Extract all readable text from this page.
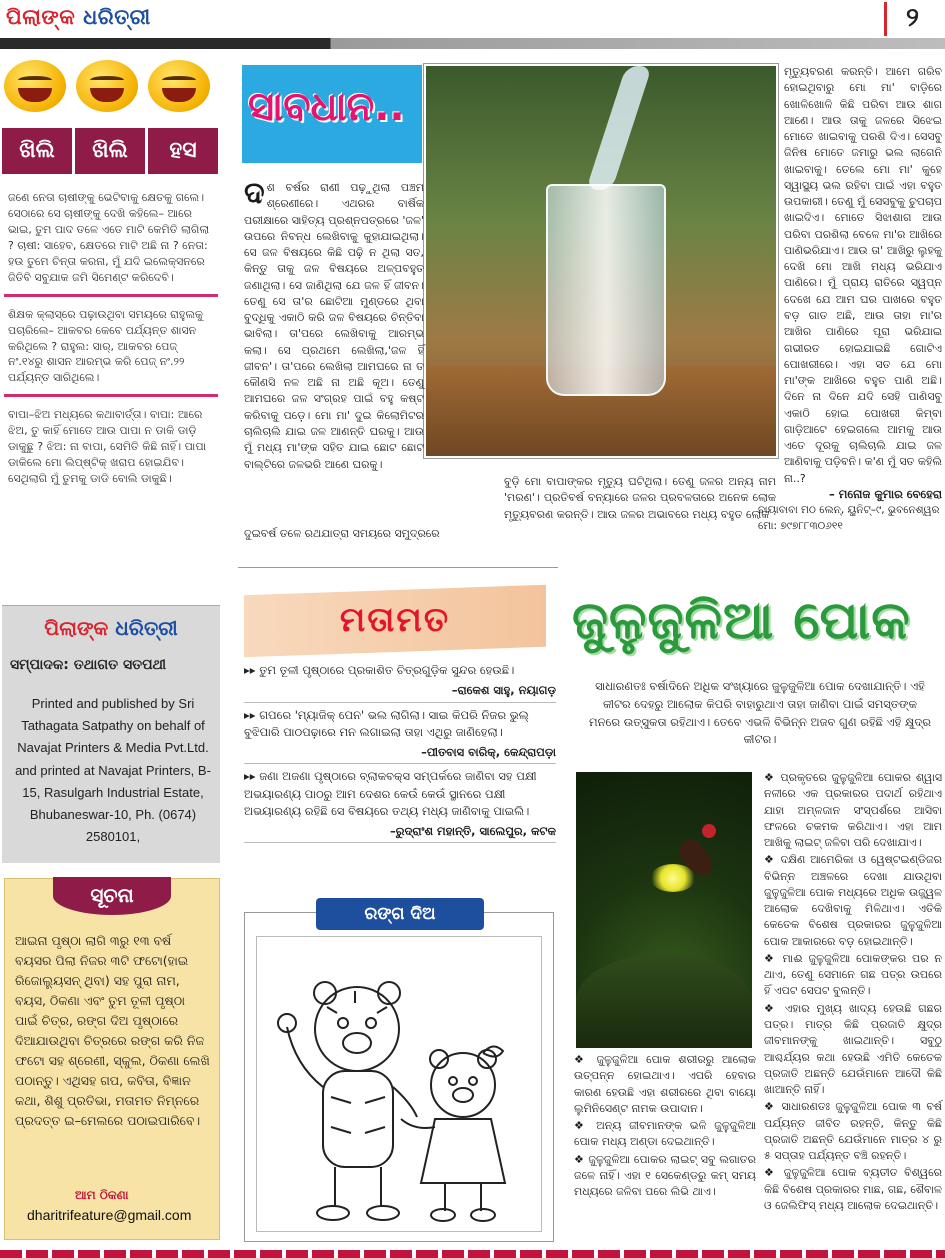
ପିଲାଙ୍କ ଧରିତ୍ରୀ	୨
ଖିଲି	ଖିଲି	ହସ
ଜଣେ ନେତା ଚାଷୀଙ୍କୁ ଭେଟିବାକୁ କ୍ଷେତକୁ ଗଲେ। ସେଠାରେ ସେ ଚାଷୀଙ୍କୁ ଦେଖି କହିଲେ– ଆରେ ଭାଇ, ତୁମ ପାଦ ତଳେ ଏତେ ମାଟି କେମିତି ଲାଗିଲା ? ଚାଷୀ: ସାହେବ, କ୍ଷେତରେ ମାଟି ଅଛି ନା ? ନେତା: ହଉ ତୁମେ ଚିନ୍ତା କରନା, ମୁଁ ଯଦି ଇଲେକ୍ସନରେ ଜିତିବି ସବୁଯାକ ଜମି ସିମେଣ୍ଟ କରିଦେବି।
ଶିକ୍ଷକ କ୍ଲାସ୍‌ରେ ପଢ଼ାଉଥିବା ସମୟରେ ରାହୁଲକୁ ପଚାରିଲେ– ଆକବର କେବେ ପର୍ଯ୍ୟନ୍ତ ଶାସନ କରିଥିଲେ ? ରାହୁଲ: ସାର୍, ଆକବର ପେଜ୍ ନଂ.୧୪ରୁ ଶାସନ ଆରମ୍ଭ କରି ପେଜ୍ ନଂ.୨୨ ପର୍ଯ୍ୟନ୍ତ ସାରିଥିଲେ।
ବାପା–ଝିଅ ମଧ୍ୟରେ କଥାବାର୍ତ୍ତା। ବାପା: ଆରେ ଝିଅ, ତୁ କାହିଁ ମୋତେ ଆଉ ପାପା ନ ଡାକି ଡାଡ଼ି ଡାକୁଛୁ ? ଝିଅ: ନା ବାପା, ସେମିତି କିଛି ନାହିଁ। ପାପା ଡାକିଲେ ମୋ ଲିପ୍‌ଷ୍ଟିକ୍ ଖରାପ ହୋଇଯିବ। ସେଥିଲାଗି ମୁଁ ତୁମକୁ ଡାଡି ବୋଲି ଡାକୁଛି।
ପିଲାଙ୍କ ଧରିତ୍ରୀ
ସମ୍ପାଦକ: ତଥାଗତ ସତପଥୀ
Printed and published by Sri Tathagata Satpathy on behalf of Navajat Printers & Media Pvt.Ltd. and printed at Navajat Printers, B-15, Rasulgarh Industrial Estate, Bhubaneswar-10, Ph. (0674) 2580101,
ସୂଚନା
ଆଇନା ପୃଷ୍ଠା ଲାଗି ୩ରୁ ୧୩ ବର୍ଷ ବୟସର ପିଲା ନିଜର ୩ଟି ଫଟୋ(ହାଇ ରିଜୋଲ୍ୟୁସନ୍ ଥିବା) ସହ ପୁରା ନାମ, ବୟସ, ଠିକଣା ଏବଂ ତୁମ ତୂଳୀ ପୃଷ୍ଠା ପାଇଁ ଚିତ୍ର, ରଙ୍ଗ ଦିଅ ପୃଷ୍ଠାରେ ଦିଆଯାଉଥିବା ଚିତ୍ରରେ ରଙ୍ଗ କରି ନିଜ ଫଟୋ ସହ ଶ୍ରେଣୀ, ସ୍କୁଲ, ଠିକଣା ଲେଖି ପଠାନ୍ତୁ। ଏଥିସହ ଗପ, କବିତା, ବିଜ୍ଞାନ କଥା, ଶିଶୁ ପ୍ରତିଭା, ମତାମତ ନିମ୍ନରେ ପ୍ରଦତ୍ତ ଇ–ମେଲରେ ପଠାଇପାରିବେ।
ଆମ ଠିକଣା
dharitrifeature@gmail.com
ସାବଧାନ..
ଦ ଶ ବର୍ଷର ରାଣୀ ପଢ଼ୁଥିଲା ପଞ୍ଚମ ଶ୍ରେଣୀରେ। ଏଥରର ବାର୍ଷିକ ପରୀକ୍ଷାରେ ସାହିତ୍ୟ ପ୍ରଶ୍ନପତ୍ରରେ 'ଜଳ' ଉପରେ ନିବନ୍ଧ ଲେଖିବାକୁ କୁହାଯାଇଥିଲା। ସେ ଜଳ ବିଷୟରେ କିଛି ପଢ଼ି ନ ଥିଲା ସତ, କିନ୍ତୁ ତାକୁ ଜଳ ବିଷୟରେ ଅଳ୍ପବହୁତ ଜଣାଥିଲା। ସେ ଜାଣିଥିଲା ଯେ ଜଳ ହିଁ ଜୀବନ। ତେଣୁ ସେ ତା'ର ଛୋଟିଆ ମୁଣ୍ଡରେ ଥିବା ବୁଦ୍ଧିକୁ ଏକାଠି କରି ଜଳ ବିଷୟରେ ଚିନ୍ତିବା ଭାବିଲା। ତା'ପରେ ଲେଖିବାକୁ ଆରମ୍ଭ କଲା। ସେ ପ୍ରଥମେ ଲେଖିଲା,'ଜଳ ହିଁ ଜୀବନ'। ତା'ପରେ ଲେଖିଲା ଆମଘରେ ନା ତ କୌଣସି ନଳ ଅଛି ନା ଅଛି କୂଅ। ତେଣୁ ଆମଘରେ ଜଳ ସଂଗ୍ରହ ପାଇଁ ବହୁ କଷ୍ଟ କରିବାକୁ ପଡ଼େ। ମୋ ମା' ଦୁଇ କିଲୋମିଟର ଚାଲିଚାଲି ଯାଇ ଜଳ ଆଣନ୍ତି ଘରକୁ। ଆଉ ମୁଁ ମଧ୍ୟ ମା'ଙ୍କ ସହିତ ଯାଇ ଛୋଟ ଛୋଟ ବାଲ୍‌ଟିରେ ଜଳଭରି ଆଣେ ଘରକୁ।
ଦୁଇବର୍ଷ ତଳେ ରଥଯାତ୍ରା ସମୟରେ ସମୁଦ୍ରରେ
ବୁଡ଼ି ମୋ ବାପାଙ୍କର ମୃତ୍ୟୁ ଘଟିଥିଲା। ତେଣୁ ଜଳର ଅନ୍ୟ ନାମ 'ମରଣ'। ପ୍ରତିବର୍ଷ ବନ୍ୟାରେ ଜଳର ପ୍ରବଳତାରେ ଅନେକ ଲୋକ ମୃତ୍ୟୁବରଣ କରନ୍ତି। ଆଉ ଜଳର ଅଭାବରେ ମଧ୍ୟ ବହୁତ ଲୋକ
ମୃତ୍ୟୁବରଣ କରନ୍ତି। ଆମେ ଗରିବ ହୋଇଥିବାରୁ ମୋ ମା' ବାଡ଼ିରେ ଖୋଳିଖୋଳି କିଛି ପରିବା ଆଉ ଶାଗ ଆଣେ। ଆଉ ତାକୁ ଜଳରେ ସିଝେଇ ମୋତେ ଖାଇବାକୁ ପରଶି ଦିଏ। ସେସବୁ ଜିନିଷ ମୋତେ ଜମାରୁ ଭଲ ଲାଗେନି ଖାଇବାକୁ। ତେଲେ ମୋ ମା' କୁହେ ସ୍ୱାସ୍ଥ୍ୟ ଭଲ ରହିବା ପାଇଁ ଏହା ବହୁତ ଉପକାରୀ। ତେଣୁ ମୁଁ ସେସବୁକୁ ଚୁପଚାପ ଖାଇଦିଏ। ମୋତେ ସିଝାଶାଗ ଆଉ ପରିବା ପରଶିଲା ବେଳେ ମା'ର ଆଖିରେ ପାଣିଭରିଯାଏ। ଆଉ ତା' ଆଖିରୁ ଲୁହକୁ ଦେଖି ମୋ ଆଖି ମଧ୍ୟ ଭରିଯାଏ ପାଣିରେ। ମୁଁ ପ୍ରାୟ ରାତିରେ ସ୍ୱପ୍ନ ଦେଖେ ଯେ ଆମ ଘର ପାଖରେ ବହୁତ ବଡ଼ ଗାତ ଅଛି, ଆଉ ତାହା ମା'ର ଆଖିର ପାଣିରେ ପୂରା ଭରିଯାଇ ଗଭୀରତ ହୋଇଯାଇଛି ଗୋଟିଏ ପୋଖରୀରେ। ଏହା ସତ ଯେ ମୋ ମା'ଙ୍କ ଆଖିରେ ବହୁତ ପାଣି ଅଛି। ଦିନେ ନା ଦିନେ ଯଦି ସେହି ପାଣିସବୁ ଏକାଠି ହୋଇ ପୋଖରୀ କିମ୍ବା ଗାଡ଼ିଆଟେ ହେଇଗଲେ ଆମକୁ ଆଉ ଏତେ ଦୂରକୁ ଚାଲିଚାଲି ଯାଇ ଜଳ ଆଣିବାକୁ ପଡ଼ିବନି। କ'ଣ ମୁଁ ସତ କହିଲି ନା..?
– ମନୋଜ କୁମାର ବେହେରା
ବାୟାବାବା ମଠ ଲେନ୍, ୟୁନିଟ୍–୯, ଭୁବନେଶ୍ୱର ମୋ: ୭୯୭୮୮୩୦୬୧୧
ମତାମତ
▸▸ ତୁମ ତୂଳୀ ପୃଷ୍ଠାରେ ପ୍ରକାଶିତ ଚିତ୍ରଗୁଡ଼ିକ ସୁନ୍ଦର ହେଉଛି।
–ରାକେଶ ସାହୁ, ନୟାଗଡ଼
▸▸ ଗପରେ 'ମ୍ୟାଜିକ୍ ପେନ' ଭଲ ଲାଗିଲା। ସାଇ କିପରି ନିଜର ଭୁଲ୍ ବୁଝିପାରି ପାଠପଢ଼ାରେ ମନ ଲଗାଇଲା ତାହା ଏଥିରୁ ଜାଣିହେଲା।
–ପୀତବାସ ବାରିକ୍, କେନ୍ଦ୍ରାପଡ଼ା
▸▸ ଜଣା ଅଜଣା ପୃଷ୍ଠାରେ ବ୍ଲାକବକ୍ସ ସମ୍ପର୍କରେ ଜାଣିବା ସହ ପକ୍ଷୀ ଅଭୟାରଣ୍ୟ ପାଠରୁ ଆମ ଦେଶର କେଉଁ କେଉଁ ସ୍ଥାନରେ ପକ୍ଷୀ ଅଭୟାରଣ୍ୟ ରହିଛି ସେ ବିଷୟରେ ତଥ୍ୟ ମଧ୍ୟ ଜାଣିବାକୁ ପାଇଲି।
–ରୁଦ୍ରାଂଶ ମହାନ୍ତି, ସାଲେପୁର, କଟକ
ରଙ୍ଗ ଦିଅ
ଜୁଳୁଜୁଳିଆ ପୋକ
ସାଧାରଣତଃ ବର୍ଷାଦିନେ ଅଧିକ ସଂଖ୍ୟାରେ ଜୁଳୁଜୁଳିଆ ପୋକ ଦେଖାଯାନ୍ତି। ଏହି କୀଟର ଦେହରୁ ଆଲୋକ କିପରି ବାହାରୁଥାଏ ତାହା ଜାଣିବା ପାଇଁ ସମସ୍ତଙ୍କ ମନରେ ଉତ୍ସୁକତା ରହିଥାଏ। ତେବେ ଏଭଳି ବିଭିନ୍ନ ଅଜବ ଗୁଣ ରହିଛି ଏହି କ୍ଷୁଦ୍ର କୀଟର।
❖ ଜୁଳୁଜୁଳିଆ ପୋକ ଶରୀରରୁ ଆଲୋକ ଉତ୍ପନ୍ନ ହୋଇଥାଏ। ଏପରି ହେବାର କାରଣ ହେଉଛି ଏହା ଶରୀରରେ ଥିବା ବାୟୋ ଲୁମିନିସେଣ୍ଟ ନାମକ ଉପାଦାନ।
❖ ଅନ୍ୟ ଜୀବମାନଙ୍କ ଭଳି ଜୁଳୁଜୁଳିଆ ପୋକ ମଧ୍ୟ ଅଣ୍ଡା ଦେଇଥାନ୍ତି।
❖ ଜୁଳୁଜୁଳିଆ ପୋକର ଲାଇଟ୍ ସବୁ ଲଗାତର ଜଳେ ନାହିଁ। ଏହା ୧ ସେକେଣ୍ଡରୁ କମ୍ ସମୟ ମଧ୍ୟରେ ଜଳିବା ପରେ ଲିଭି ଥାଏ।
❖ ପ୍ରକୃତରେ ଜୁଳୁଜୁଳିଆ ପୋକର ଶ୍ୱାସ ନଳୀରେ ଏକ ପ୍ରକାରର ପଦାର୍ଥ ରହିଥାଏ ଯାହା ଅମ୍ଳଜାନ ସଂସ୍ପର୍ଶରେ ଆସିବା ଫଳରେ ଚକମକ କରିଥାଏ। ଏହା ଆମ ଆଖିକୁ ଲାଇଟ୍ ଜଳିବା ପରି ଦେଖାଯାଏ।
❖ ଦକ୍ଷିଣ ଆମେରିକା ଓ ୱେଷ୍ଟଇଣ୍ଡିଜର ବିଭିନ୍ନ ଅଞ୍ଚଳରେ ଦେଖା ଯାଉଥିବା ଜୁଳୁଜୁଳିଆ ପୋକ ମଧ୍ୟରେ ଅଧିକ ଉଜ୍ଜ୍ୱଳ ଆଲୋକ ଦେଖିବାକୁ ମିଳିଥାଏ। ଏତିକି କେତେକ ବିଶେଷ ପ୍ରକାରର ଜୁଳୁଜୁଳିଆ ପୋକ ଆକାରରେ ବଡ଼ ହୋଇଥାନ୍ତି।
❖ ମାଈ ଜୁଳୁଜୁଳିଆ ପୋକଙ୍କର ପର ନ ଥାଏ, ତେଣୁ ସେମାନେ ଗଛ ପତ୍ର ଉପରେ ହିଁ ଏପଟ ସେପଟ ବୁଲନ୍ତି।
❖ ଏହାର ମୁଖ୍ୟ ଖାଦ୍ୟ ହେଉଛି ଗଛର ପତ୍ର। ମାତ୍ର କିଛି ପ୍ରଜାତି କ୍ଷୁଦ୍ର ଜୀବମାନଙ୍କୁ ଖାଇଥାନ୍ତି। ସବୁଠୁ ଆଶ୍ଚର୍ଯ୍ୟର କଥା ହେଉଛି ଏମିତି କେତେକ ପ୍ରଜାତି ଅଛନ୍ତି ଯେଉଁମାନେ ଆଦୌ କିଛି ଖାଆନ୍ତି ନାହିଁ।
❖ ସାଧାରଣତଃ ଜୁଳୁଜୁଳିଆ ପୋକ ୩ ବର୍ଷ ପର୍ଯ୍ୟନ୍ତ ଜୀବିତ ରହନ୍ତି, କିନ୍ତୁ କିଛି ପ୍ରଜାତି ଅଛନ୍ତି ଯେଉଁମାନେ ମାତ୍ର ୪ ରୁ ୫ ସପ୍ତାହ ପର୍ଯ୍ୟନ୍ତ ବଞ୍ଚି ରହନ୍ତି।
❖ ଜୁଳୁଜୁଳିଆ ପୋକ ବ୍ୟତୀତ ବିଶ୍ୱରେ କିଛି ବିଶେଷ ପ୍ରକାରର ମାଛ, ଗଛ, ଶୈବାଳ ଓ ଜେଲିଫିସ୍ ମଧ୍ୟ ଆଲୋକ ଦେଇଥାନ୍ତି।
